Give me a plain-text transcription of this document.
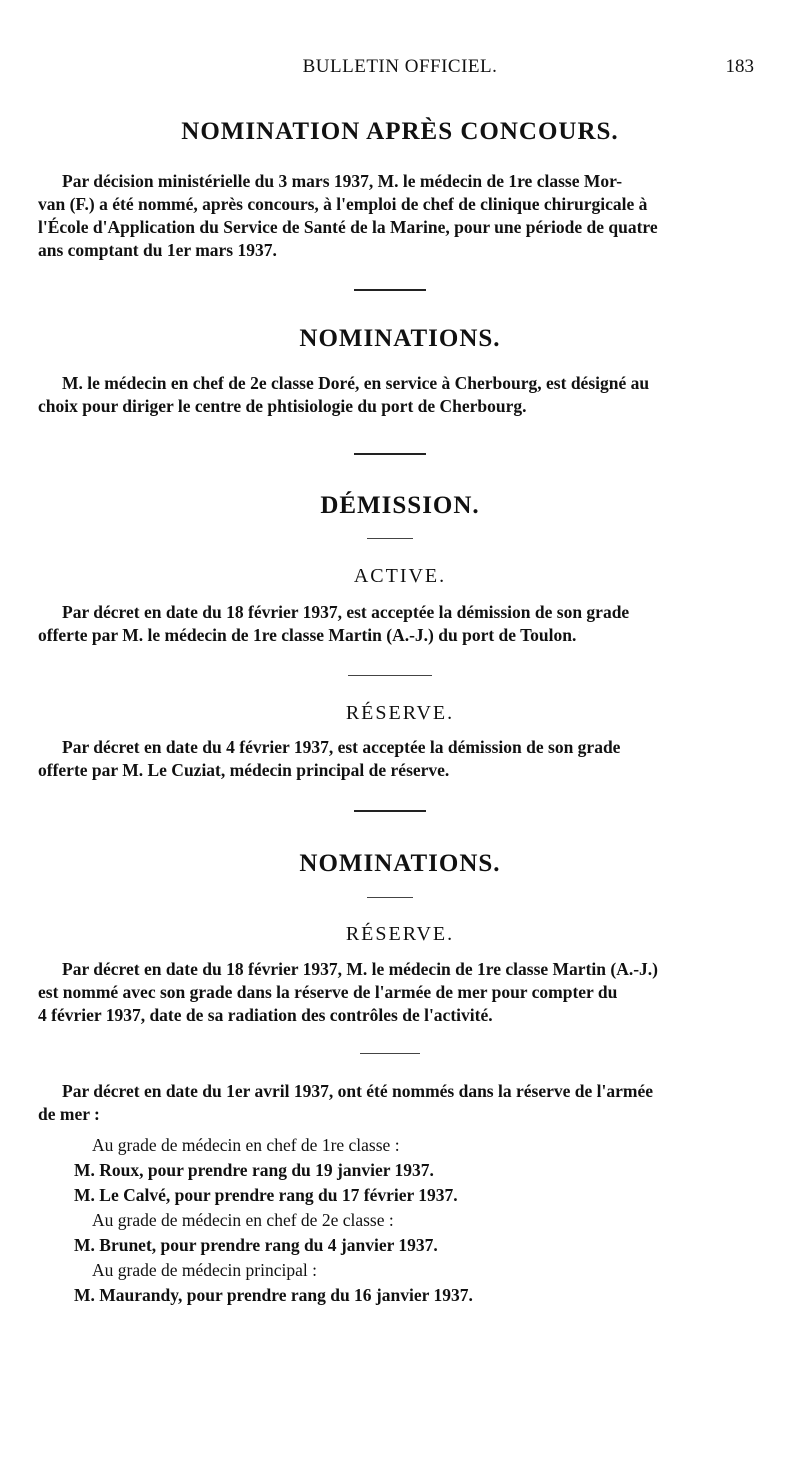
BULLETIN OFFICIEL.	183
NOMINATION APRÈS CONCOURS.
Par décision ministérielle du 3 mars 1937, M. le médecin de 1re classe Mor-
van (F.) a été nommé, après concours, à l'emploi de chef de clinique chirurgicale à
l'École d'Application du Service de Santé de la Marine, pour une période de quatre
ans comptant du 1er mars 1937.
NOMINATIONS.
M. le médecin en chef de 2e classe Doré, en service à Cherbourg, est désigné au
choix pour diriger le centre de phtisiologie du port de Cherbourg.
DÉMISSION.
ACTIVE.
Par décret en date du 18 février 1937, est acceptée la démission de son grade
offerte par M. le médecin de 1re classe Martin (A.-J.) du port de Toulon.
RÉSERVE.
Par décret en date du 4 février 1937, est acceptée la démission de son grade
offerte par M. Le Cuziat, médecin principal de réserve.
NOMINATIONS.
RÉSERVE.
Par décret en date du 18 février 1937, M. le médecin de 1re classe Martin (A.-J.)
est nommé avec son grade dans la réserve de l'armée de mer pour compter du
4 février 1937, date de sa radiation des contrôles de l'activité.
Par décret en date du 1er avril 1937, ont été nommés dans la réserve de l'armée
de mer :
Au grade de médecin en chef de 1re classe :
M. Roux, pour prendre rang du 19 janvier 1937.
M. Le Calvé, pour prendre rang du 17 février 1937.
Au grade de médecin en chef de 2e classe :
M. Brunet, pour prendre rang du 4 janvier 1937.
Au grade de médecin principal :
M. Maurandy, pour prendre rang du 16 janvier 1937.
